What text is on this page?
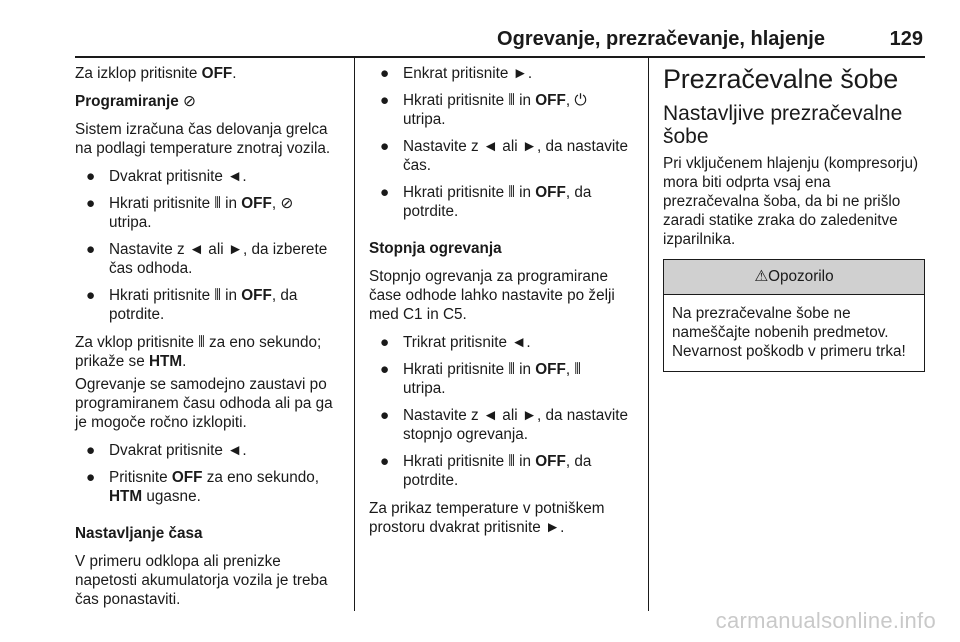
Ogrevanje, prezračevanje, hlajenje	129

Za izklop pritisnite OFF.

Programiranje ⊘

Sistem izračuna čas delovanja grelca na podlagi temperature znotraj vozila.

● Dvakrat pritisnite ◄.
● Hkrati pritisnite ⫴ in OFF, ⊘
utripa.
● Nastavite z ◄ ali ►, da izberete čas odhoda.
● Hkrati pritisnite ⫴ in OFF, da potrdite.

Za vklop pritisnite ⫴ za eno sekundo; prikaže se HTM.

Ogrevanje se samodejno zaustavi po programiranem času odhoda ali pa ga je mogoče ročno izklopiti.

● Dvakrat pritisnite ◄.
● Pritisnite OFF za eno sekundo, HTM ugasne.

Nastavljanje časa

V primeru odklopa ali prenizke napetosti akumulatorja vozila je treba čas ponastaviti.

● Enkrat pritisnite ►.
● Hkrati pritisnite ⫴ in OFF, ⏻
utripa.
● Nastavite z ◄ ali ►, da nastavite čas.
● Hkrati pritisnite ⫴ in OFF, da potrdite.

Stopnja ogrevanja

Stopnjo ogrevanja za programirane čase odhode lahko nastavite po želji med C1 in C5.

● Trikrat pritisnite ◄.
● Hkrati pritisnite ⫴ in OFF, ⫴
utripa.
● Nastavite z ◄ ali ►, da nastavite stopnjo ogrevanja.
● Hkrati pritisnite ⫴ in OFF, da potrdite.

Za prikaz temperature v potniškem prostoru dvakrat pritisnite ►.

Prezračevalne šobe
Nastavljive prezračevalne šobe

Pri vključenem hlajenju (kompresorju) mora biti odprta vsaj ena prezračevalna šoba, da bi ne prišlo zaradi statike zraka do zaledenitve izparilnika.

⚠Opozorilo

Na prezračevalne šobe ne nameščajte nobenih predmetov. Nevarnost poškodb v primeru trka!

carmanualsonline.info
